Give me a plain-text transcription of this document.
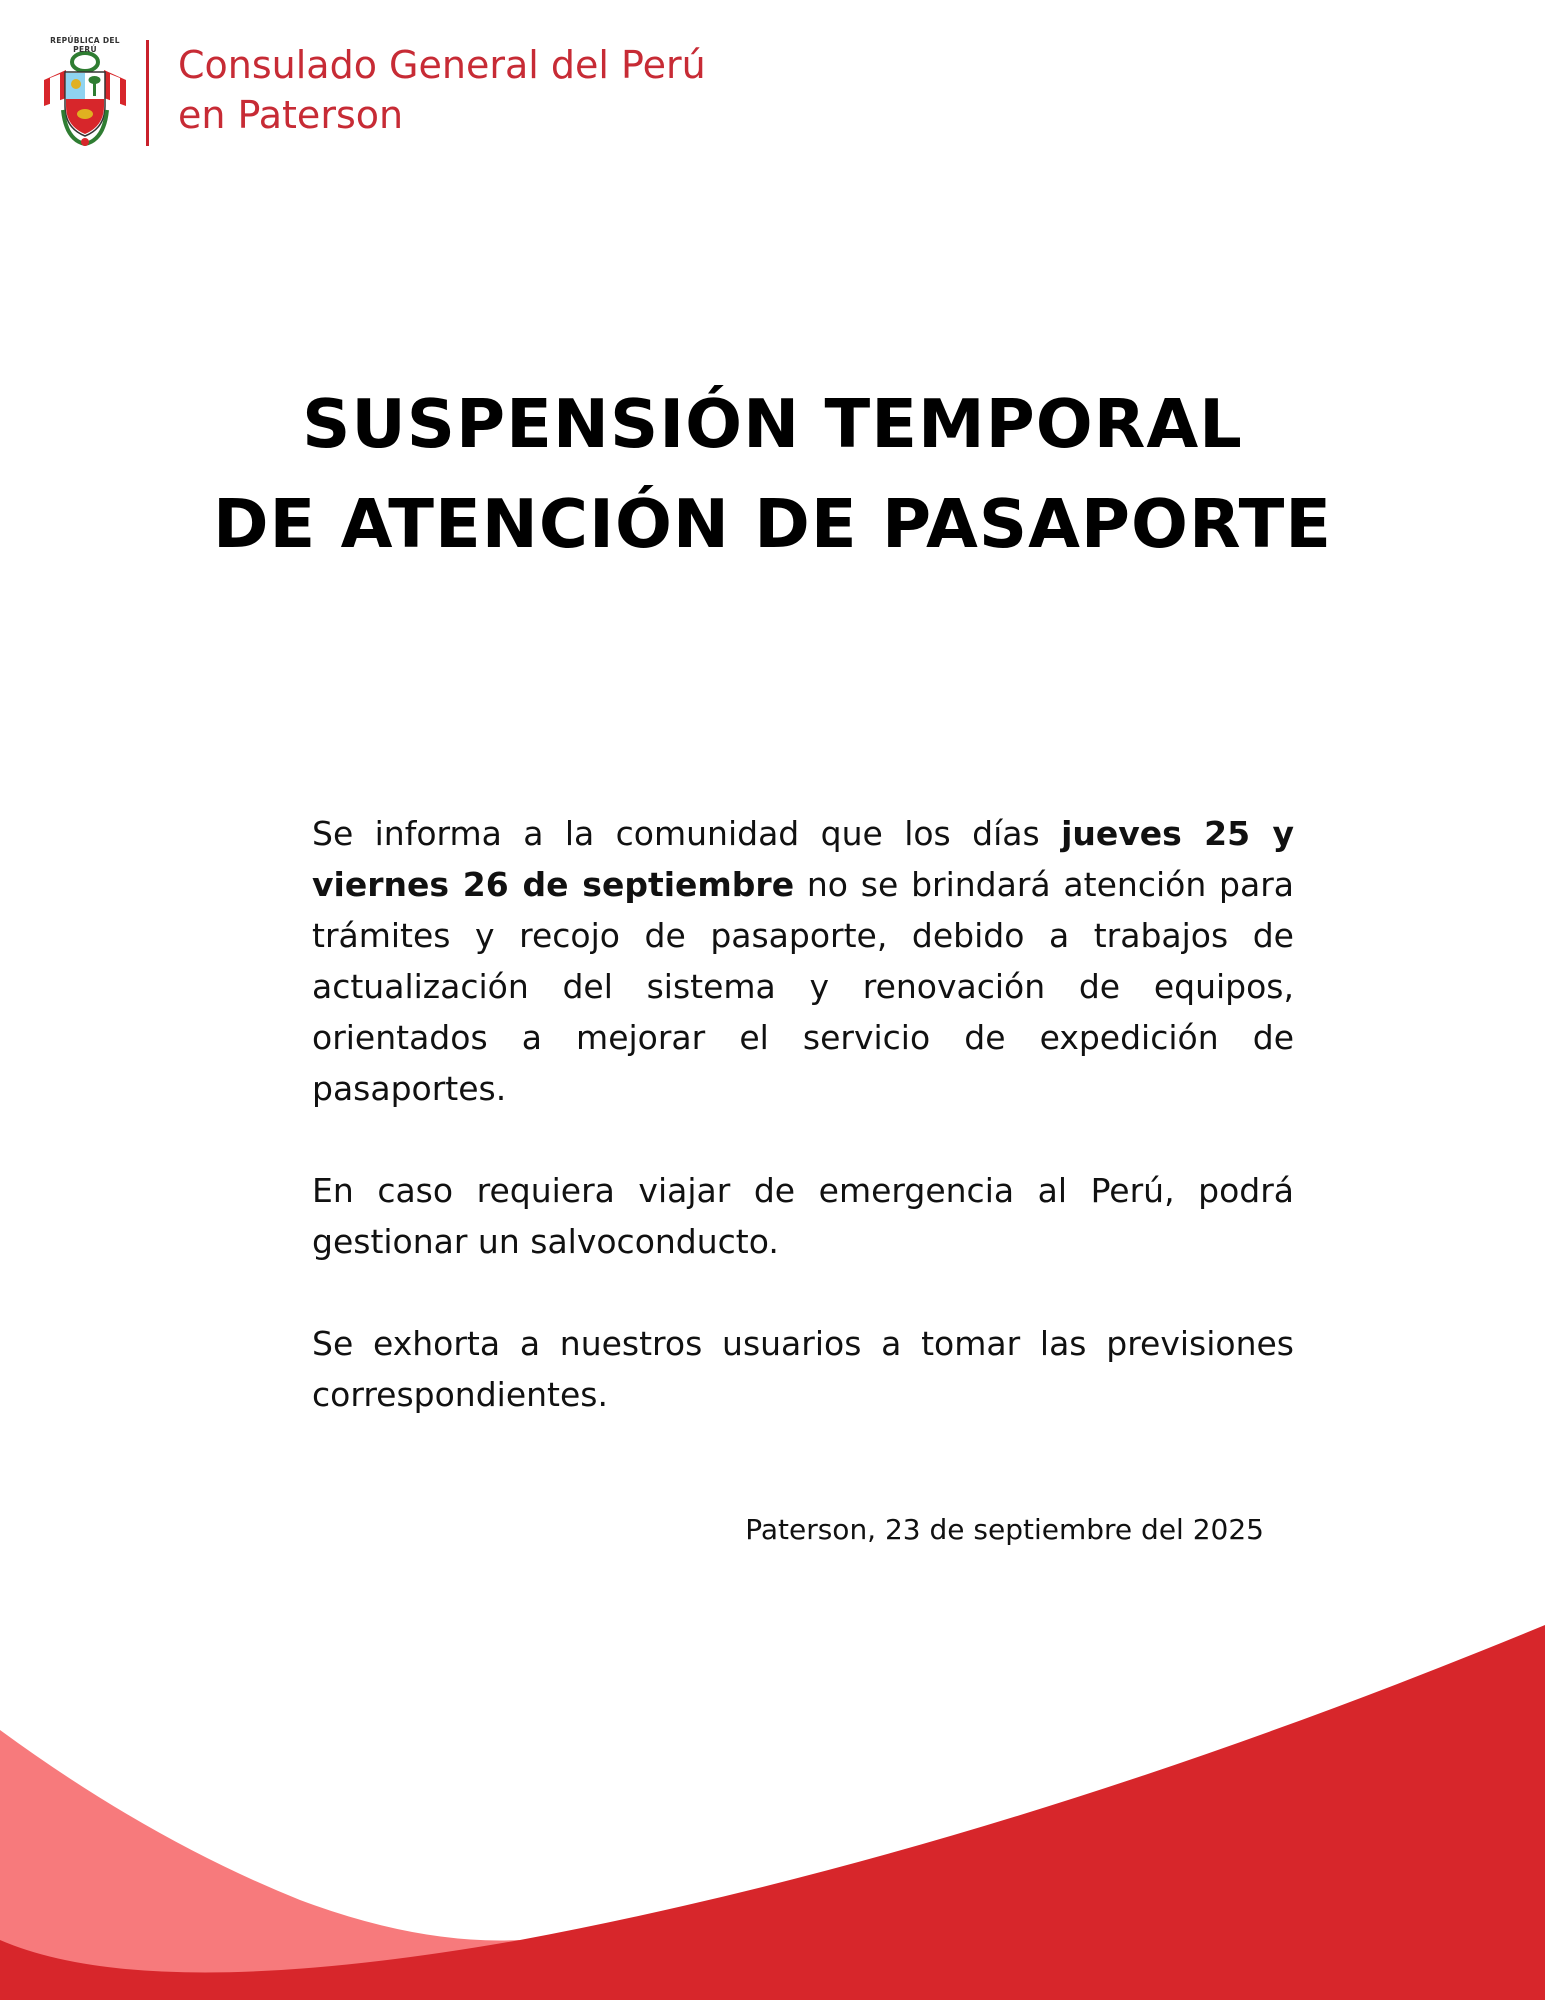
REPÚBLICA DEL PERÚ	Consulado General del Perú
en Paterson
SUSPENSIÓN TEMPORAL
DE ATENCIÓN DE PASAPORTE

Se informa a la comunidad que los días jueves 25 y viernes 26 de septiembre no se brindará atención para trámites y recojo de pasaporte, debido a trabajos de actualización del sistema y renovación de equipos, orientados a mejorar el servicio de expedición de pasaportes.

En caso requiera viajar de emergencia al Perú, podrá gestionar un salvoconducto.

Se exhorta a nuestros usuarios a tomar las previsiones correspondientes.

Paterson, 23 de septiembre del 2025
